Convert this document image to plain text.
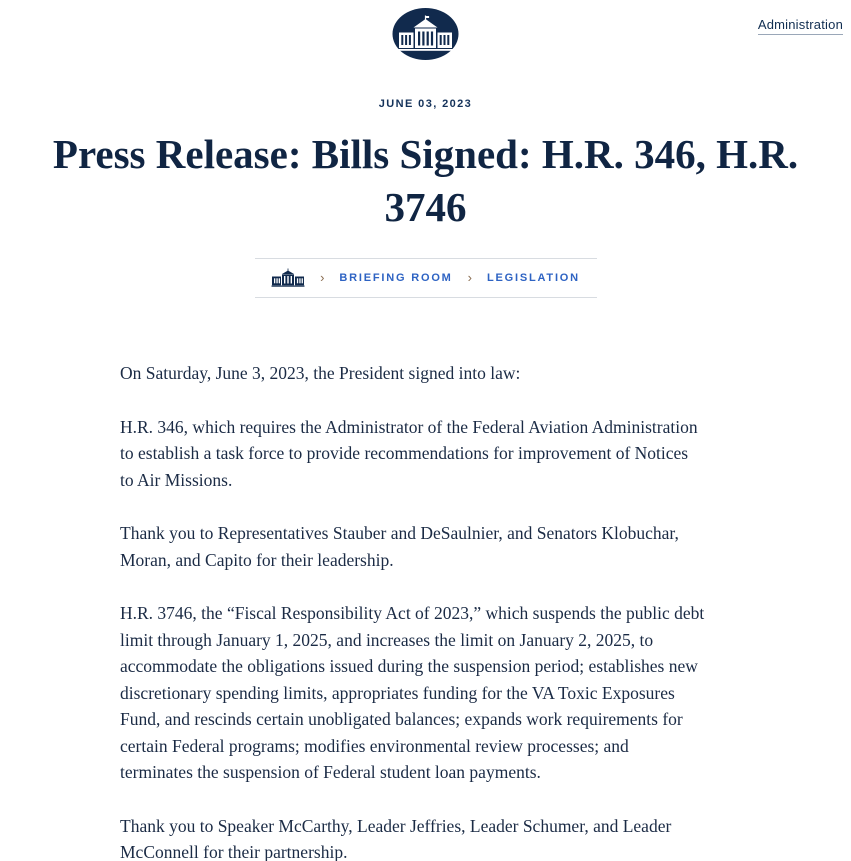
Administration
JUNE 03, 2023
Press Release: Bills Signed: H.R. 346, H.R. 3746
› BRIEFING ROOM › LEGISLATION

On Saturday, June 3, 2023, the President signed into law:

H.R. 346, which requires the Administrator of the Federal Aviation Administration to establish a task force to provide recommendations for improvement of Notices to Air Missions.

Thank you to Representatives Stauber and DeSaulnier, and Senators Klobuchar, Moran, and Capito for their leadership.

H.R. 3746, the “Fiscal Responsibility Act of 2023,” which suspends the public debt limit through January 1, 2025, and increases the limit on January 2, 2025, to accommodate the obligations issued during the suspension period; establishes new discretionary spending limits, appropriates funding for the VA Toxic Exposures Fund, and rescinds certain unobligated balances; expands work requirements for certain Federal programs; modifies environmental review processes; and terminates the suspension of Federal student loan payments.

Thank you to Speaker McCarthy, Leader Jeffries, Leader Schumer, and Leader McConnell for their partnership.
